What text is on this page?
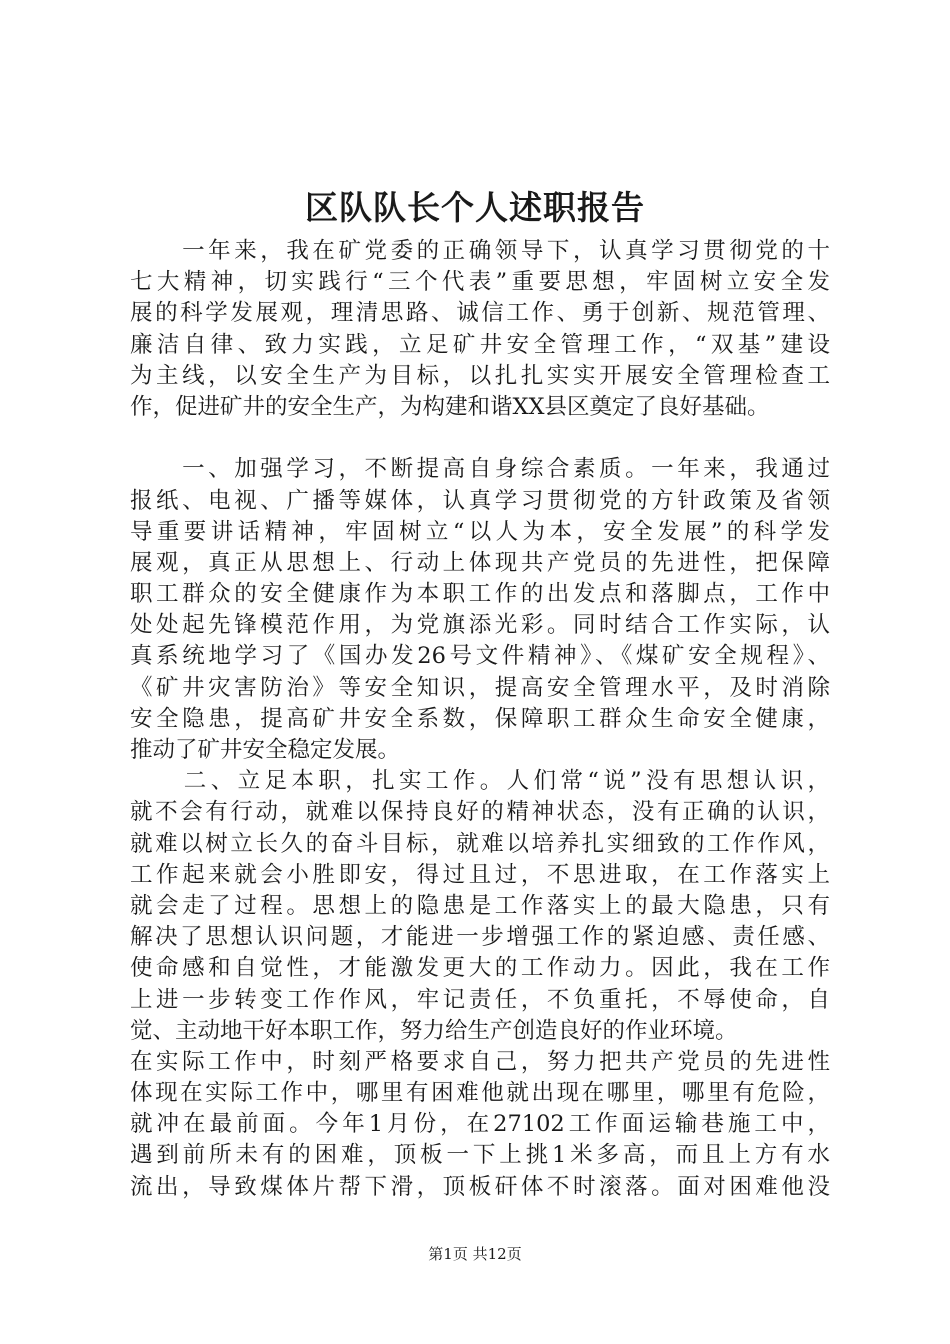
区队队长个人述职报告
　　一年来，我在矿党委的正确领导下，认真学习贯彻党的十
七大精神，切实践行“三个代表”重要思想，牢固树立安全发
展的科学发展观，理清思路、诚信工作、勇于创新、规范管理、
廉洁自律、致力实践，立足矿井安全管理工作，“双基”建设
为主线，以安全生产为目标，以扎扎实实开展安全管理检查工
作，促进矿井的安全生产，为构建和谐XX县区奠定了良好基础。
　　一、加强学习，不断提高自身综合素质。一年来，我通过
报纸、电视、广播等媒体，认真学习贯彻党的方针政策及省领
导重要讲话精神，牢固树立“以人为本，安全发展”的科学发
展观，真正从思想上、行动上体现共产党员的先进性，把保障
职工群众的安全健康作为本职工作的出发点和落脚点，工作中
处处起先锋模范作用，为党旗添光彩。同时结合工作实际，认
真系统地学习了《国办发26号文件精神》、《煤矿安全规程》、
《矿井灾害防治》等安全知识，提高安全管理水平，及时消除
安全隐患，提高矿井安全系数，保障职工群众生命安全健康，
推动了矿井安全稳定发展。
　　二、立足本职，扎实工作。人们常“说”没有思想认识，
就不会有行动，就难以保持良好的精神状态，没有正确的认识，
就难以树立长久的奋斗目标，就难以培养扎实细致的工作作风，
工作起来就会小胜即安，得过且过，不思进取，在工作落实上
就会走了过程。思想上的隐患是工作落实上的最大隐患，只有
解决了思想认识问题，才能进一步增强工作的紧迫感、责任感、
使命感和自觉性，才能激发更大的工作动力。因此，我在工作
上进一步转变工作作风，牢记责任，不负重托，不辱使命，自
觉、主动地干好本职工作，努力给生产创造良好的作业环境。
在实际工作中，时刻严格要求自己，努力把共产党员的先进性
体现在实际工作中，哪里有困难他就出现在哪里，哪里有危险，
就冲在最前面。今年1月份，在27102工作面运输巷施工中，
遇到前所未有的困难，顶板一下上挑1米多高，而且上方有水
流出，导致煤体片帮下滑，顶板矸体不时滚落。面对困难他没
第1页 共12页
